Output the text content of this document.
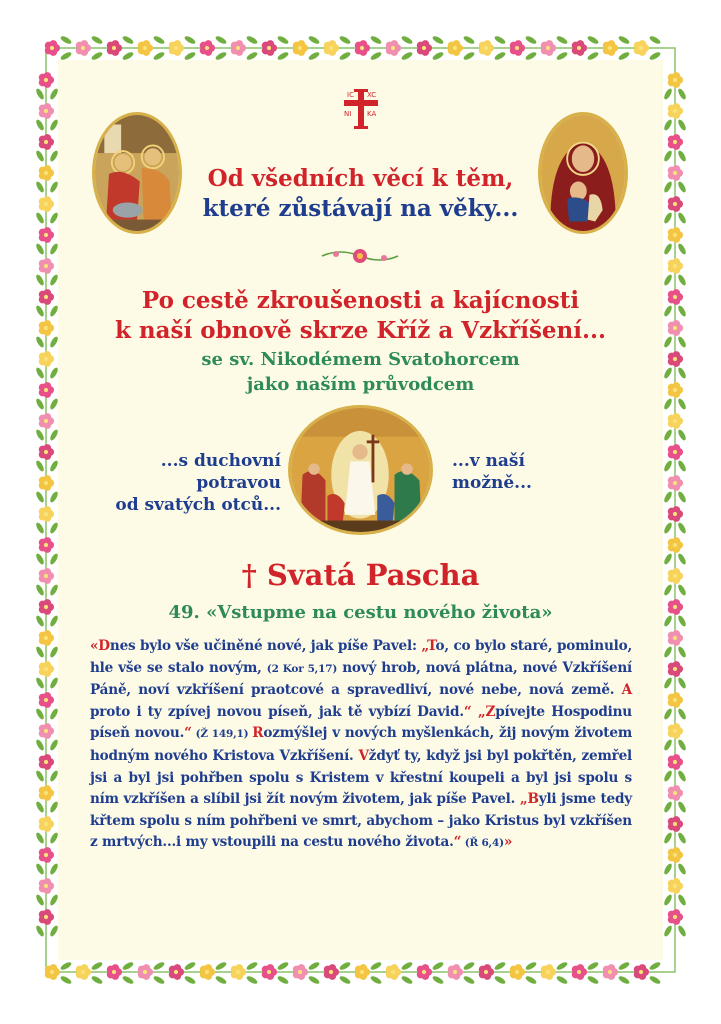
IC XC
NI KA
Od všedních věcí k těm,
které zůstávají na věky...
Po cestě zkroušenosti a kajícnosti
k naší obnově skrze Kříž a Vzkříšení...
se sv. Nikodémem Svatohorcem
jako naším průvodcem
...s duchovní
potravou
od svatých otců...
...v naší
možně...
† Svatá Pascha
49. «Vstupme na cestu nového života»
«Dnes bylo vše učiněné nové, jak píše Pavel: „To, co bylo staré, pominulo, hle vše se stalo novým, (2 Kor 5,17) nový hrob, nová plátna, nové Vzkříšení Páně, noví vzkříšení praotcové a spravedliví, nové nebe, nová země. A proto i ty zpívej novou píseň, jak tě vybízí David.“ „Zpívejte Hospodinu píseň novou.“ (Ž 149,1) Rozmýšlej v nových myšlenkách, žij novým životem hodným nového Kristova Vzkříšení. Vždyť ty, když jsi byl pokřtěn, zemřel jsi a byl jsi pohřben spolu s Kristem v křestní koupeli a byl jsi spolu s ním vzkříšen a slíbil jsi žít novým životem, jak píše Pavel. „Byli jsme tedy křtem spolu s ním pohřbeni ve smrt, abychom – jako Kristus byl vzkříšen z mrtvých...i my vstoupili na cestu nového života.“ (Ř 6,4)»
